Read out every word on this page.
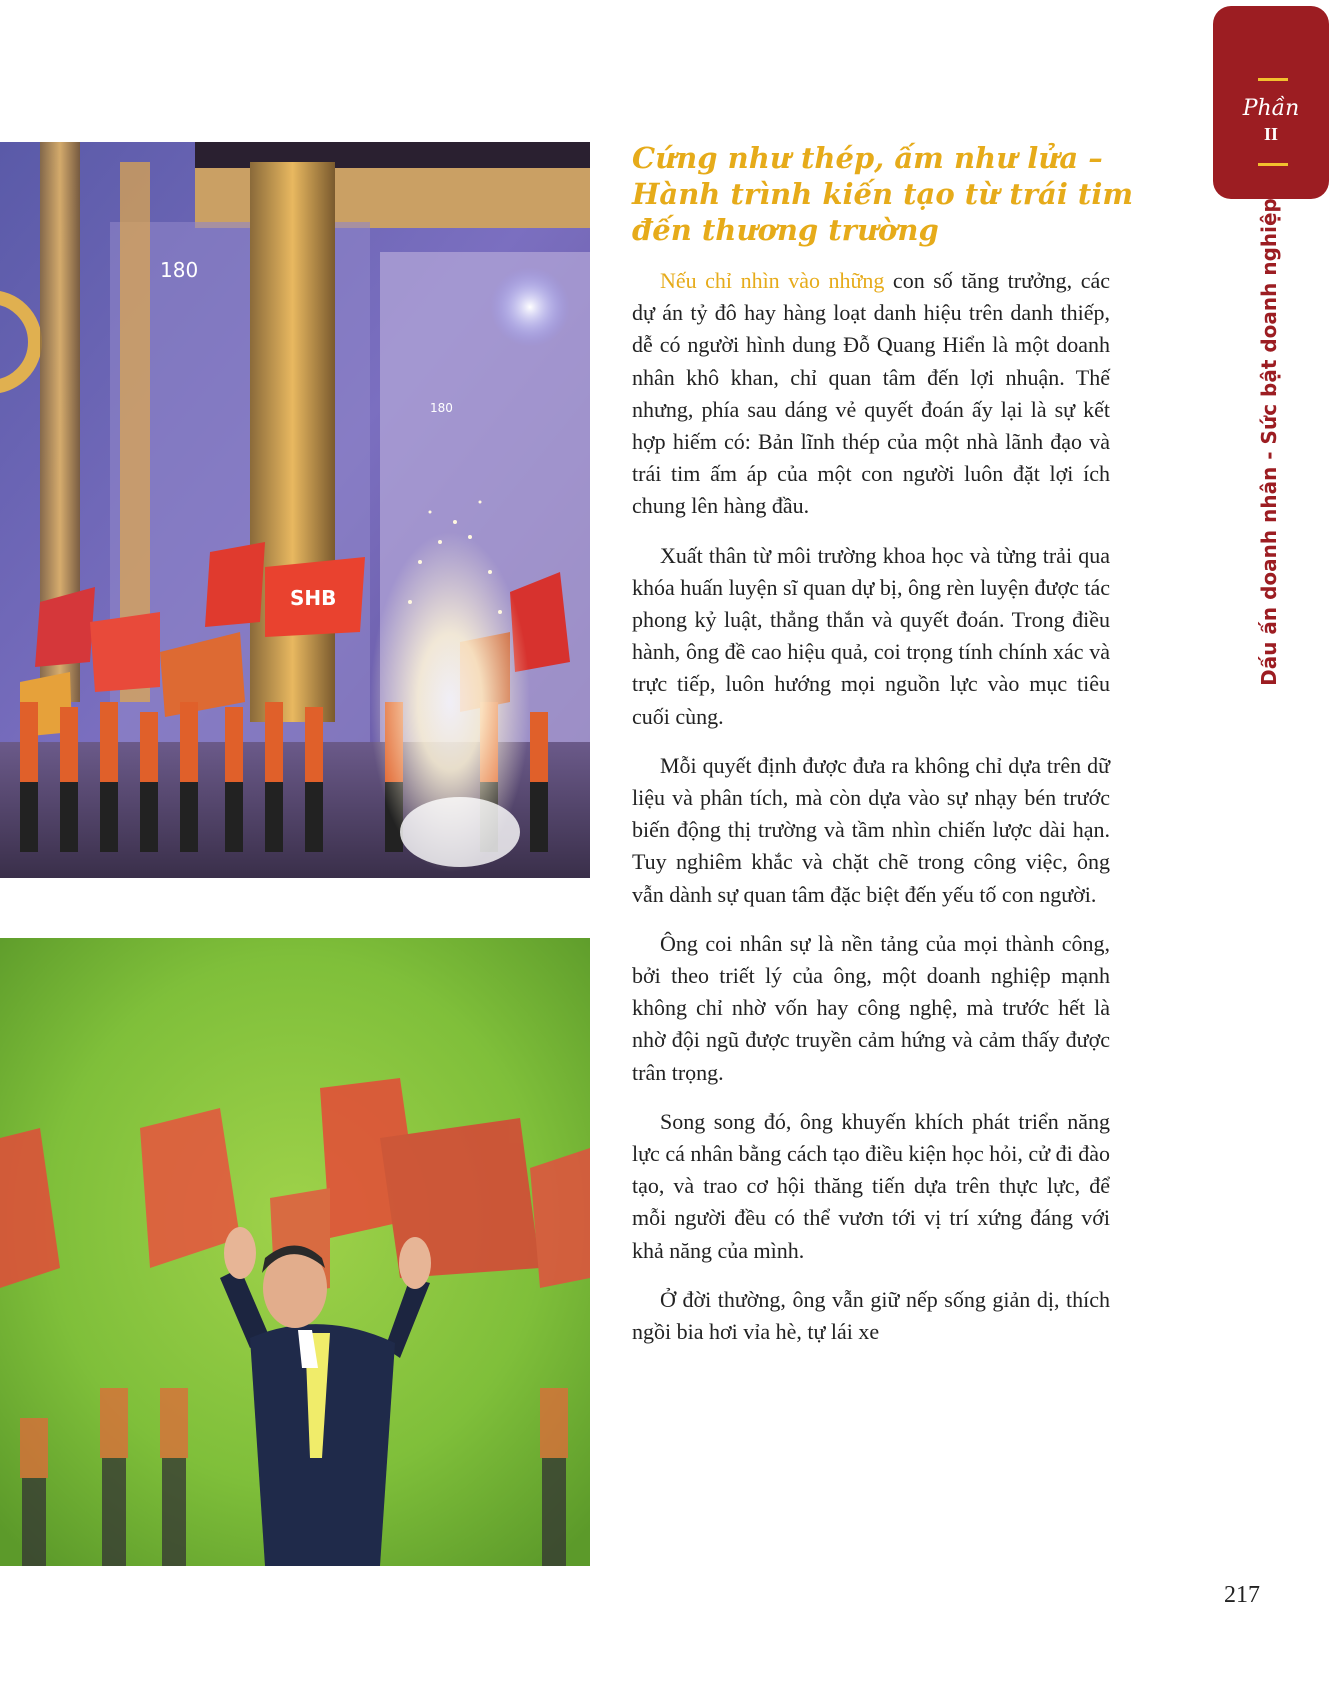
Phần
II
Dấu ấn doanh nhân - Sức bật doanh nghiệp
180
180
SHB
Cứng như thép, ấm như lửa –
Hành trình kiến tạo từ trái tim
đến thương trường

Nếu chỉ nhìn vào những con số tăng trưởng, các dự án tỷ đô hay hàng loạt danh hiệu trên danh thiếp, dễ có người hình dung Đỗ Quang Hiển là một doanh nhân khô khan, chỉ quan tâm đến lợi nhuận. Thế nhưng, phía sau dáng vẻ quyết đoán ấy lại là sự kết hợp hiếm có: Bản lĩnh thép của một nhà lãnh đạo và trái tim ấm áp của một con người luôn đặt lợi ích chung lên hàng đầu.

Xuất thân từ môi trường khoa học và từng trải qua khóa huấn luyện sĩ quan dự bị, ông rèn luyện được tác phong kỷ luật, thẳng thắn và quyết đoán. Trong điều hành, ông đề cao hiệu quả, coi trọng tính chính xác và trực tiếp, luôn hướng mọi nguồn lực vào mục tiêu cuối cùng.

Mỗi quyết định được đưa ra không chỉ dựa trên dữ liệu và phân tích, mà còn dựa vào sự nhạy bén trước biến động thị trường và tầm nhìn chiến lược dài hạn. Tuy nghiêm khắc và chặt chẽ trong công việc, ông vẫn dành sự quan tâm đặc biệt đến yếu tố con người.

Ông coi nhân sự là nền tảng của mọi thành công, bởi theo triết lý của ông, một doanh nghiệp mạnh không chỉ nhờ vốn hay công nghệ, mà trước hết là nhờ đội ngũ được truyền cảm hứng và cảm thấy được trân trọng.

Song song đó, ông khuyến khích phát triển năng lực cá nhân bằng cách tạo điều kiện học hỏi, cử đi đào tạo, và trao cơ hội thăng tiến dựa trên thực lực, để mỗi người đều có thể vươn tới vị trí xứng đáng với khả năng của mình.

Ở đời thường, ông vẫn giữ nếp sống giản dị, thích ngồi bia hơi vỉa hè, tự lái xe

217
